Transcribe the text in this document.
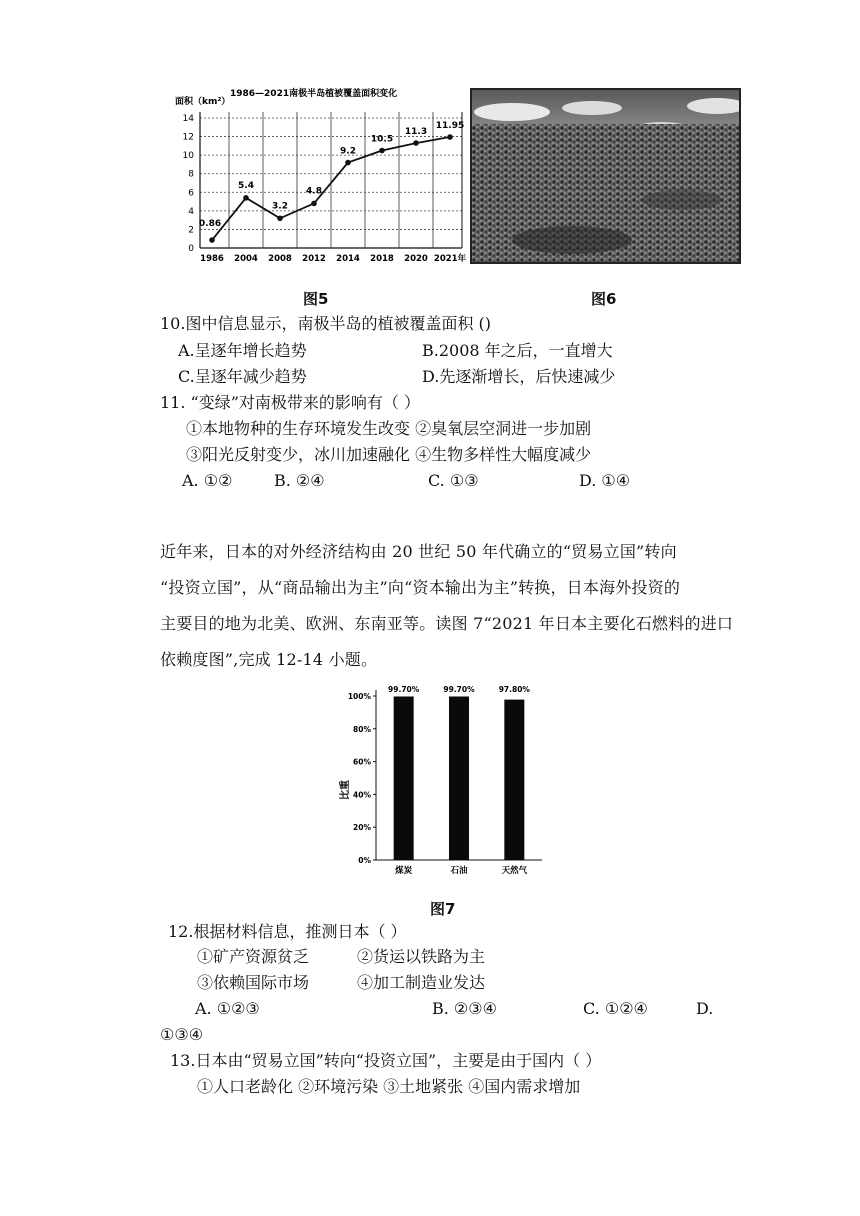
1986—2021南极半岛植被覆盖面积变化
面积（km²）
0
2
4
6
8
10
12
14
1986 2004 2008 2012 2014 2018 2020 2021年
0.86
5.4
3.2
4.8
9.2
10.5
11.3
11.95
图5	图6
10.图中信息显示，南极半岛的植被覆盖面积 ()
A.呈逐年增长趋势	B.2008 年之后，一直增大
C.呈逐年减少趋势	D.先逐渐增长，后快速减少
11. “变绿”对南极带来的影响有（ ）
①本地物种的生存环境发生改变 ②臭氧层空洞进一步加剧
③阳光反射变少，冰川加速融化 ④生物多样性大幅度减少
A. ①②	B. ②④	C. ①③	D. ①④
近年来，日本的对外经济结构由 20 世纪 50 年代确立的“贸易立国”转向
“投资立国”，从“商品输出为主”向“资本输出为主”转换，日本海外投资的
主要目的地为北美、欧洲、东南亚等。读图 7“2021 年日本主要化石燃料的进口
依赖度图”,完成 12-14 小题。
比重
0%
20%
40%
60%
80%
100%
99.70%	99.70%	97.80%
煤炭	石油	天然气
图7
12.根据材料信息，推测日本（ ）
①矿产资源贫乏	②货运以铁路为主
③依赖国际市场	④加工制造业发达
A. ①②③	B. ②③④	C. ①②④	D.
①③④
13.日本由“贸易立国”转向“投资立国”，主要是由于国内（ ）
①人口老龄化 ②环境污染 ③土地紧张 ④国内需求增加
